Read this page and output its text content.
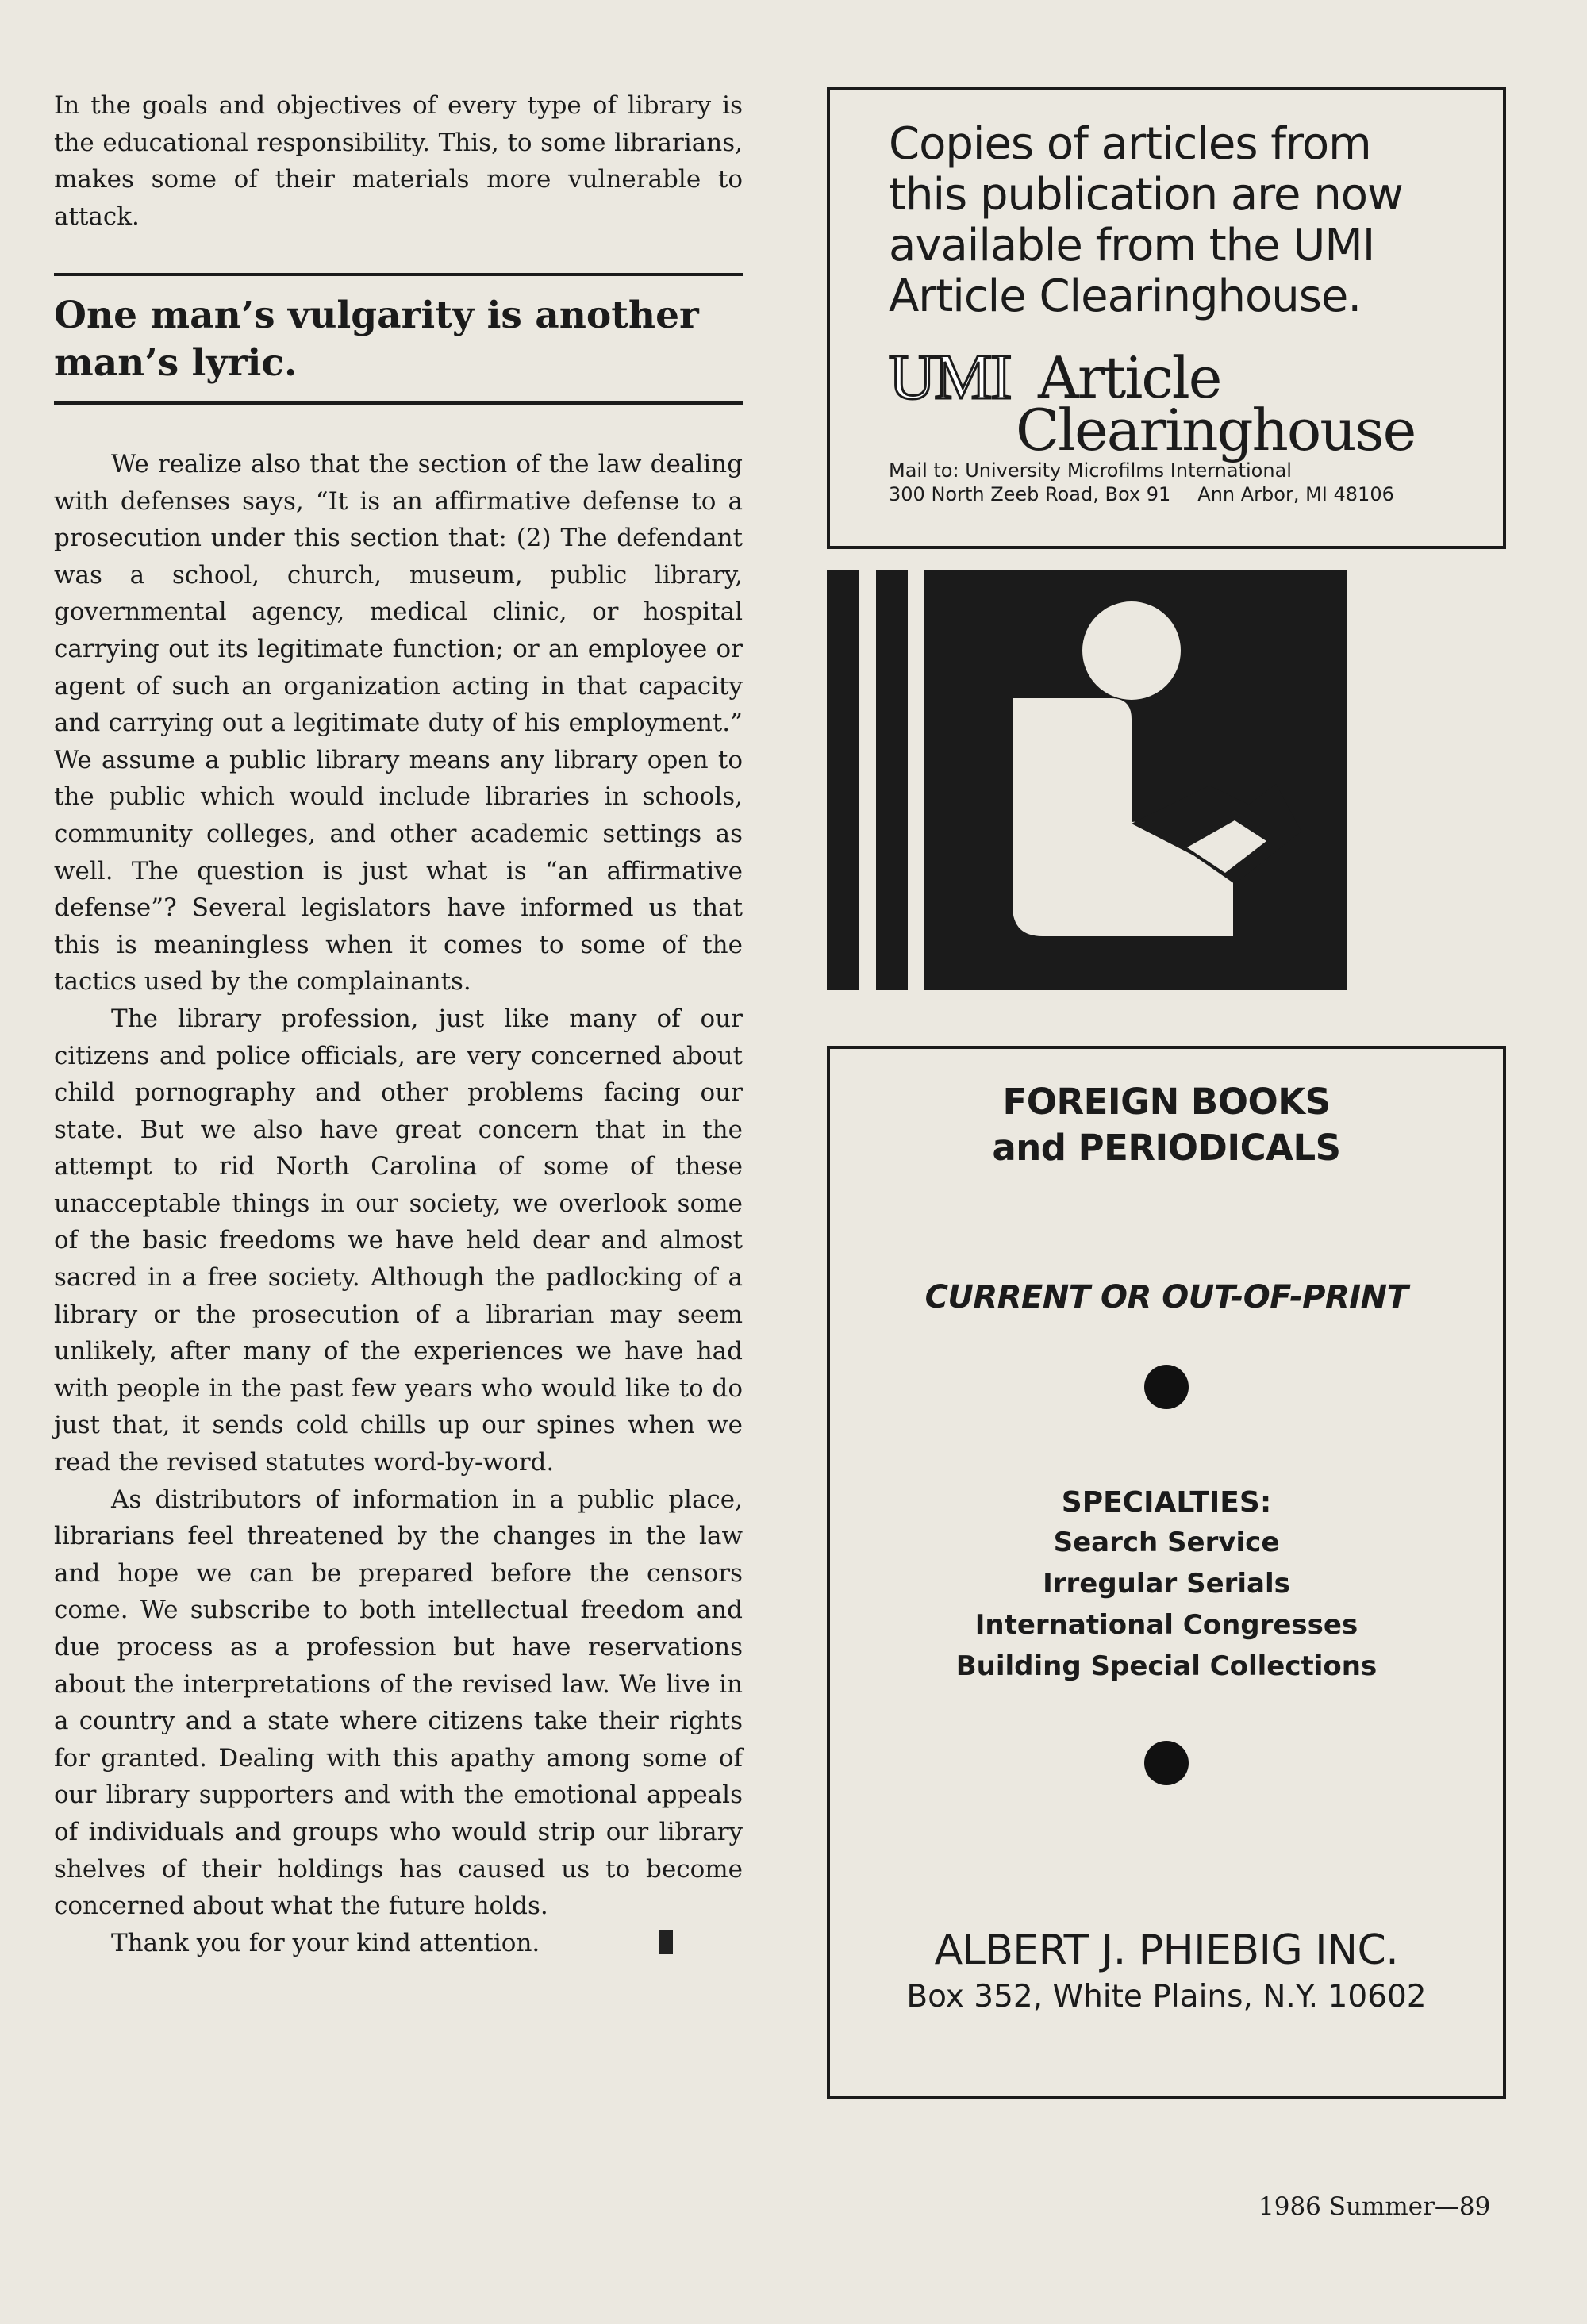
In the goals and objectives of every type of library is the educational responsibility. This, to some librarians, makes some of their materials more vulnerable to attack.

One man’s vulgarity is another man’s lyric.

We realize also that the section of the law dealing with defenses says, “It is an affirmative defense to a prosecution under this section that: (2) The defendant was a school, church, museum, public library, governmental agency, medical clinic, or hospital carrying out its legitimate function; or an employee or agent of such an organization acting in that capacity and carrying out a legitimate duty of his employment.” We assume a public library means any library open to the public which would include libraries in schools, community colleges, and other academic settings as well. The question is just what is “an affirmative defense”? Several legislators have informed us that this is meaningless when it comes to some of the tactics used by the complainants.

The library profession, just like many of our citizens and police officials, are very concerned about child pornography and other problems facing our state. But we also have great concern that in the attempt to rid North Carolina of some of these unacceptable things in our society, we overlook some of the basic freedoms we have held dear and almost sacred in a free society. Although the padlocking of a library or the prosecution of a librarian may seem unlikely, after many of the experiences we have had with people in the past few years who would like to do just that, it sends cold chills up our spines when we read the revised statutes word-by-word.

As distributors of information in a public place, librarians feel threatened by the changes in the law and hope we can be prepared before the censors come. We subscribe to both intellectual freedom and due process as a profession but have reservations about the interpretations of the revised law. We live in a country and a state where citizens take their rights for granted. Dealing with this apathy among some of our library supporters and with the emotional appeals of individuals and groups who would strip our library shelves of their holdings has caused us to become concerned about what the future holds.

Thank you for your kind attention.

Copies of articles from this publication are now available from the UMI Article Clearinghouse.

UMI Article
Clearinghouse
Mail to: University Microfilms International
300 North Zeeb Road, Box 91 Ann Arbor, MI 48106
FOREIGN BOOKS
and PERIODICALS
CURRENT OR OUT-OF-PRINT
SPECIALTIES:
Search Service
Irregular Serials
International Congresses
Building Special Collections
ALBERT J. PHIEBIG INC.
Box 352, White Plains, N.Y. 10602
1986 Summer—89
